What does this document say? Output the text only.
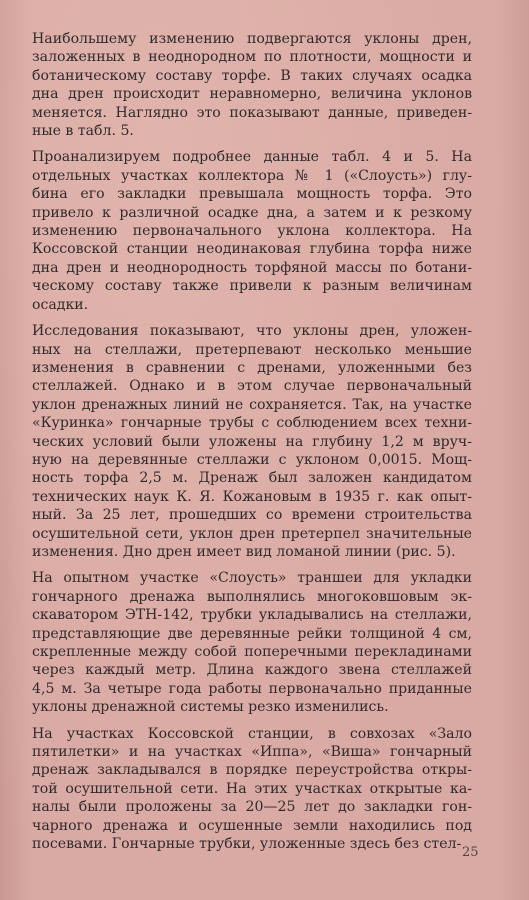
Наибольшему изменению подвергаются уклоны дрен,
заложенных в неоднородном по плотности, мощности и
ботаническому составу торфе. В таких случаях осадка
дна дрен происходит неравномерно, величина уклонов
меняется. Наглядно это показывают данные, приведен-
ные в табл. 5.

Проанализируем подробнее данные табл. 4 и 5. На
отдельных участках коллектора № 1 («Слоусть») глу-
бина его закладки превышала мощность торфа. Это
привело к различной осадке дна, а затем и к резкому
изменению первоначального уклона коллектора. На
Коссовской станции неодинаковая глубина торфа ниже
дна дрен и неоднородность торфяной массы по ботани-
ческому составу также привели к разным величинам
осадки.

Исследования показывают, что уклоны дрен, уложен-
ных на стеллажи, претерпевают несколько меньшие
изменения в сравнении с дренами, уложенными без
стеллажей. Однако и в этом случае первоначальный
уклон дренажных линий не сохраняется. Так, на участке
«Куринка» гончарные трубы с соблюдением всех техни-
ческих условий были уложены на глубину 1,2 м вруч-
ную на деревянные стеллажи с уклоном 0,0015. Мощ-
ность торфа 2,5 м. Дренаж был заложен кандидатом
технических наук К. Я. Кожановым в 1935 г. как опыт-
ный. За 25 лет, прошедших со времени строительства
осушительной сети, уклон дрен претерпел значительные
изменения. Дно дрен имеет вид ломаной линии (рис. 5).

На опытном участке «Слоусть» траншеи для укладки
гончарного дренажа выполнялись многоковшовым эк-
скаватором ЭТН-142, трубки укладывались на стеллажи,
представляющие две деревянные рейки толщиной 4 см,
скрепленные между собой поперечными перекладинами
через каждый метр. Длина каждого звена стеллажей
4,5 м. За четыре года работы первоначально приданные
уклоны дренажной системы резко изменились.

На участках Коссовской станции, в совхозах «Зало
пятилетки» и на участках «Иппа», «Виша» гончарный
дренаж закладывался в порядке переустройства откры-
той осушительной сети. На этих участках открытые ка-
налы были проложены за 20—25 лет до закладки гон-
чарного дренажа и осушенные земли находились под
посевами. Гончарные трубки, уложенные здесь без стел-

25
